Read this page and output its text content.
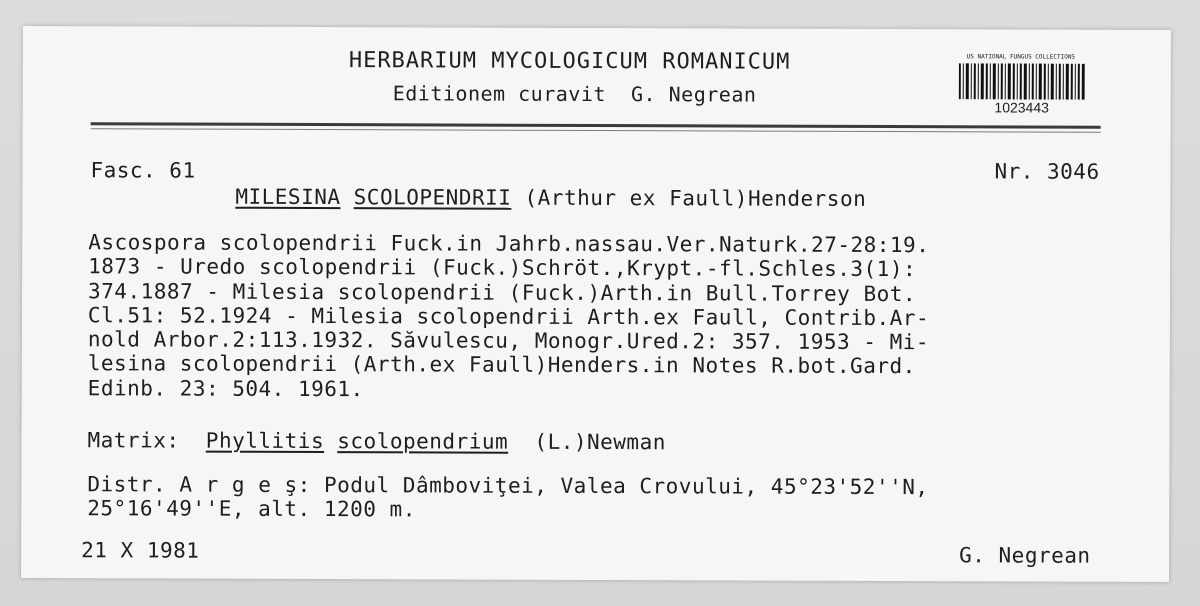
HERBARIUM MYCOLOGICUM ROMANICUM
Editionem curavit  G. Negrean
US NATIONAL FUNGUS COLLECTIONS
1023443
Fasc. 61	Nr. 3046
MILESINA SCOLOPENDRII (Arthur ex Faull)Henderson
Ascospora scolopendrii Fuck.in Jahrb.nassau.Ver.Naturk.27-28:19.
1873 - Uredo scolopendrii (Fuck.)Schröt.,Krypt.-fl.Schles.3(1):
374.1887 - Milesia scolopendrii (Fuck.)Arth.in Bull.Torrey Bot.
Cl.51: 52.1924 - Milesia scolopendrii Arth.ex Faull, Contrib.Ar-
nold Arbor.2:113.1932. Săvulescu, Monogr.Ured.2: 357. 1953 - Mi-
lesina scolopendrii (Arth.ex Faull)Henders.in Notes R.bot.Gard.
Edinb. 23: 504. 1961.
Matrix: Phyllitis scolopendrium (L.)Newman
Distr. A r g e ş: Podul Dâmboviţei, Valea Crovului, 45°23'52''N,
25°16'49''E, alt. 1200 m.
21 X 1981	G. Negrean
